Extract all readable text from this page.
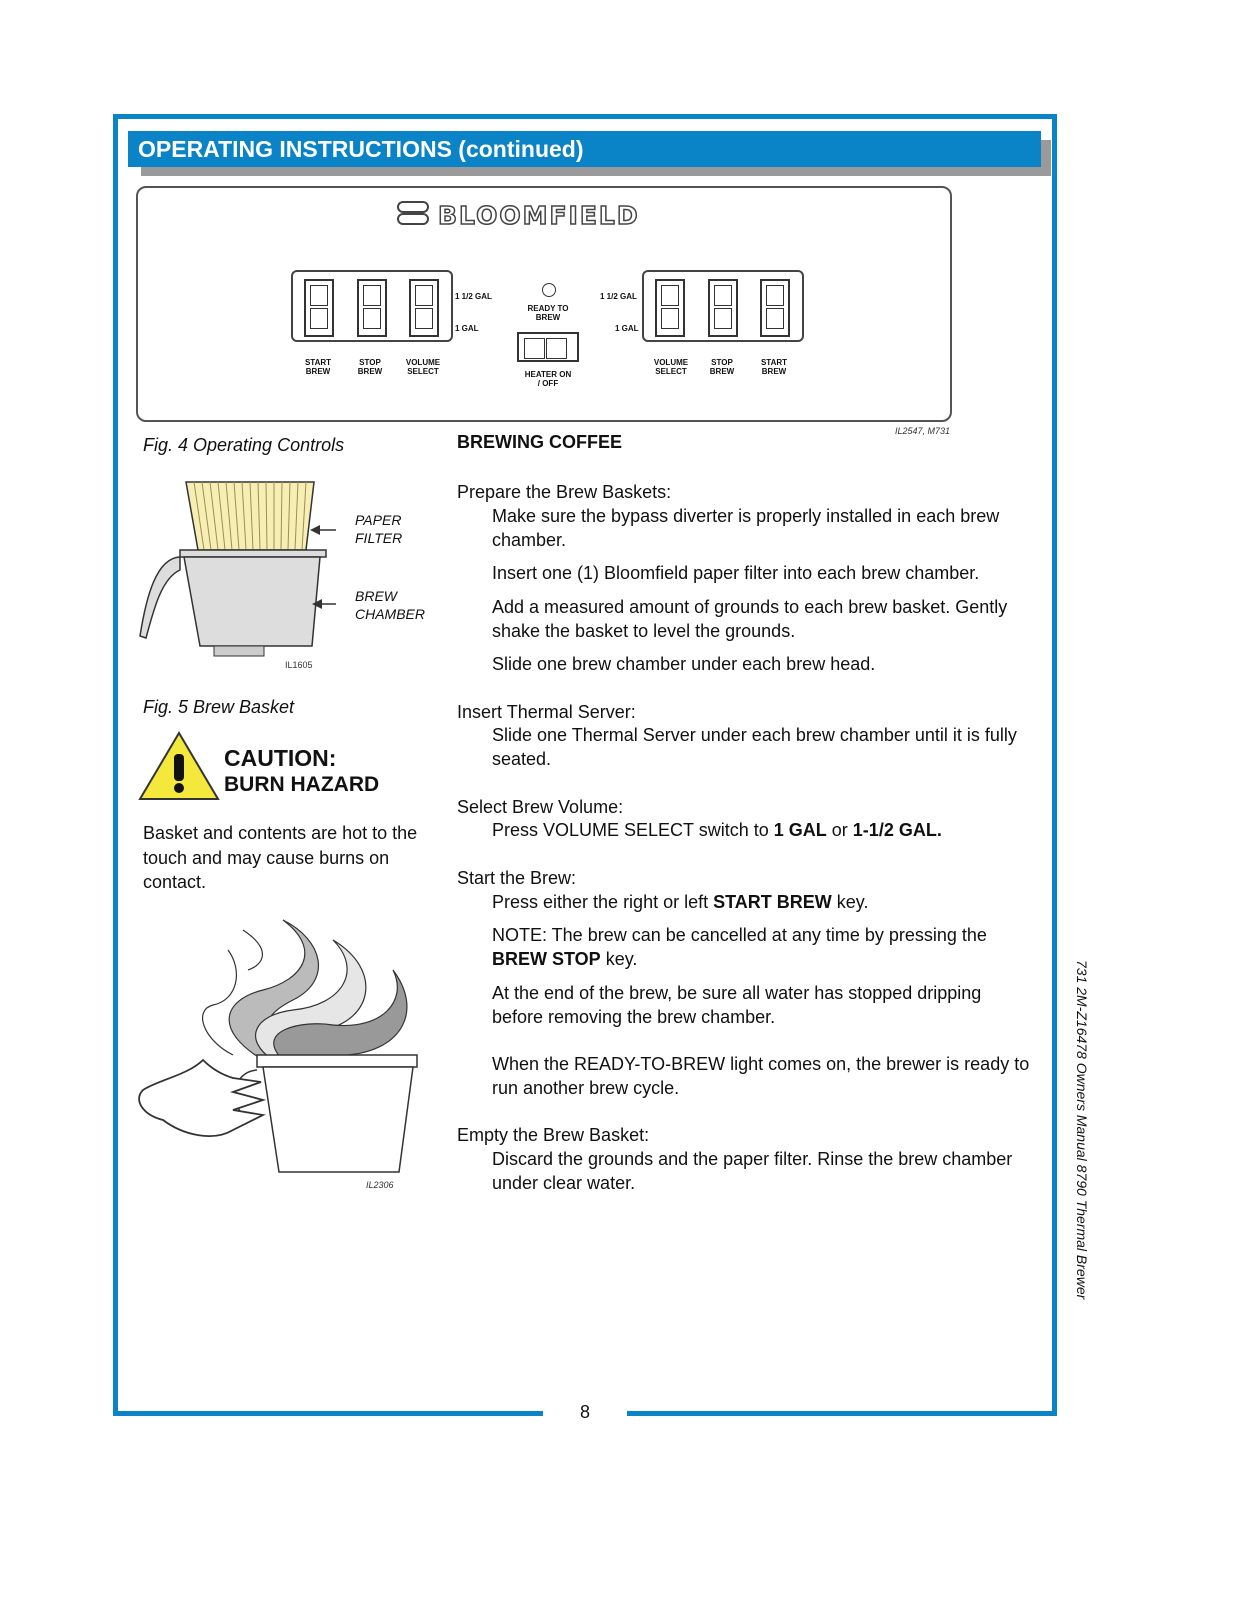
8
OPERATING INSTRUCTIONS (continued)
BLOOMFIELD
START BREW
STOP BREW
VOLUME SELECT
1 1/2 GAL
1 GAL
READY TO BREW
HEATER ON / OFF
1 1/2 GAL
1 GAL
VOLUME SELECT
STOP BREW
START BREW
IL2547, M731
Fig. 4 Operating Controls
PAPER FILTER
BREW CHAMBER
IL1605
Fig. 5 Brew Basket
CAUTION:
BURN HAZARD
Basket and contents are hot to the touch and may cause burns on contact.
IL2306
BREWING COFFEE
Prepare the Brew Baskets:
Make sure the bypass diverter is properly installed in each brew chamber.
Insert one (1) Bloomfield paper filter into each brew chamber.
Add a measured amount of grounds to each brew basket. Gently shake the basket to level the grounds.
Slide one brew chamber under each brew head.
Insert Thermal Server:
Slide one Thermal Server under each brew chamber until it is fully seated.
Select Brew Volume:
Press VOLUME SELECT switch to 1 GAL or 1-1/2 GAL.
Start the Brew:
Press either the right or left START BREW key.
NOTE: The brew can be cancelled at any time by pressing the BREW STOP key.
At the end of the brew, be sure all water has stopped dripping before removing the brew chamber.
When the READY-TO-BREW light comes on, the brewer is ready to run another brew cycle.
Empty the Brew Basket:
Discard the grounds and the paper filter. Rinse the brew chamber under clear water.	731 2M-Z16478 Owners Manual 8790 Thermal Brewer
